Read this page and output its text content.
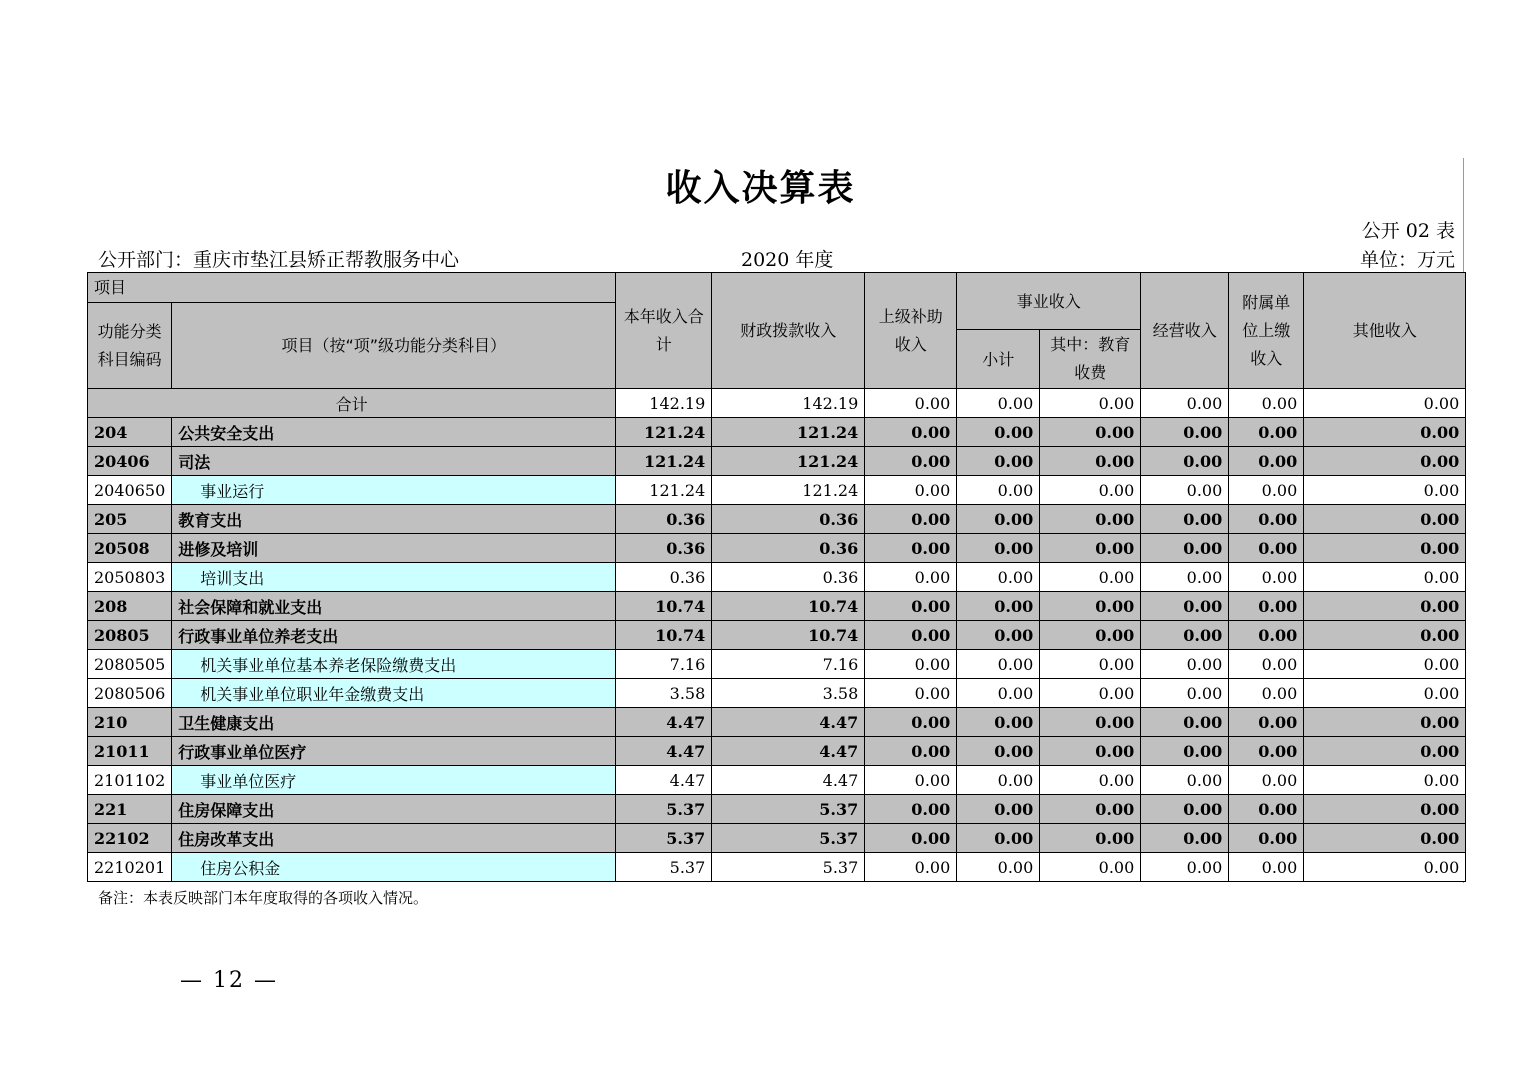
收入决算表
公开 02 表
公开部门：重庆市垫江县矫正帮教服务中心	2020 年度	单位：万元
项目		本年收入合计	财政拨款收入	上级补助收入	事业收入		经营收入	附属单位上缴收入	其他收入
功能分类科目编码	项目（按“项”级功能分类科目）								
					小计	其中：教育收费			
合计		142.19	142.19	0.00	0.00	0.00	0.00	0.00	0.00
204	公共安全支出	121.24	121.24	0.00	0.00	0.00	0.00	0.00	0.00
20406	司法	121.24	121.24	0.00	0.00	0.00	0.00	0.00	0.00
2040650	事业运行	121.24	121.24	0.00	0.00	0.00	0.00	0.00	0.00
205	教育支出	0.36	0.36	0.00	0.00	0.00	0.00	0.00	0.00
20508	进修及培训	0.36	0.36	0.00	0.00	0.00	0.00	0.00	0.00
2050803	培训支出	0.36	0.36	0.00	0.00	0.00	0.00	0.00	0.00
208	社会保障和就业支出	10.74	10.74	0.00	0.00	0.00	0.00	0.00	0.00
20805	行政事业单位养老支出	10.74	10.74	0.00	0.00	0.00	0.00	0.00	0.00
2080505	机关事业单位基本养老保险缴费支出	7.16	7.16	0.00	0.00	0.00	0.00	0.00	0.00
2080506	机关事业单位职业年金缴费支出	3.58	3.58	0.00	0.00	0.00	0.00	0.00	0.00
210	卫生健康支出	4.47	4.47	0.00	0.00	0.00	0.00	0.00	0.00
21011	行政事业单位医疗	4.47	4.47	0.00	0.00	0.00	0.00	0.00	0.00
2101102	事业单位医疗	4.47	4.47	0.00	0.00	0.00	0.00	0.00	0.00
221	住房保障支出	5.37	5.37	0.00	0.00	0.00	0.00	0.00	0.00
22102	住房改革支出	5.37	5.37	0.00	0.00	0.00	0.00	0.00	0.00
2210201	住房公积金	5.37	5.37	0.00	0.00	0.00	0.00	0.00	0.00
备注：本表反映部门本年度取得的各项收入情况。
— 12 —
